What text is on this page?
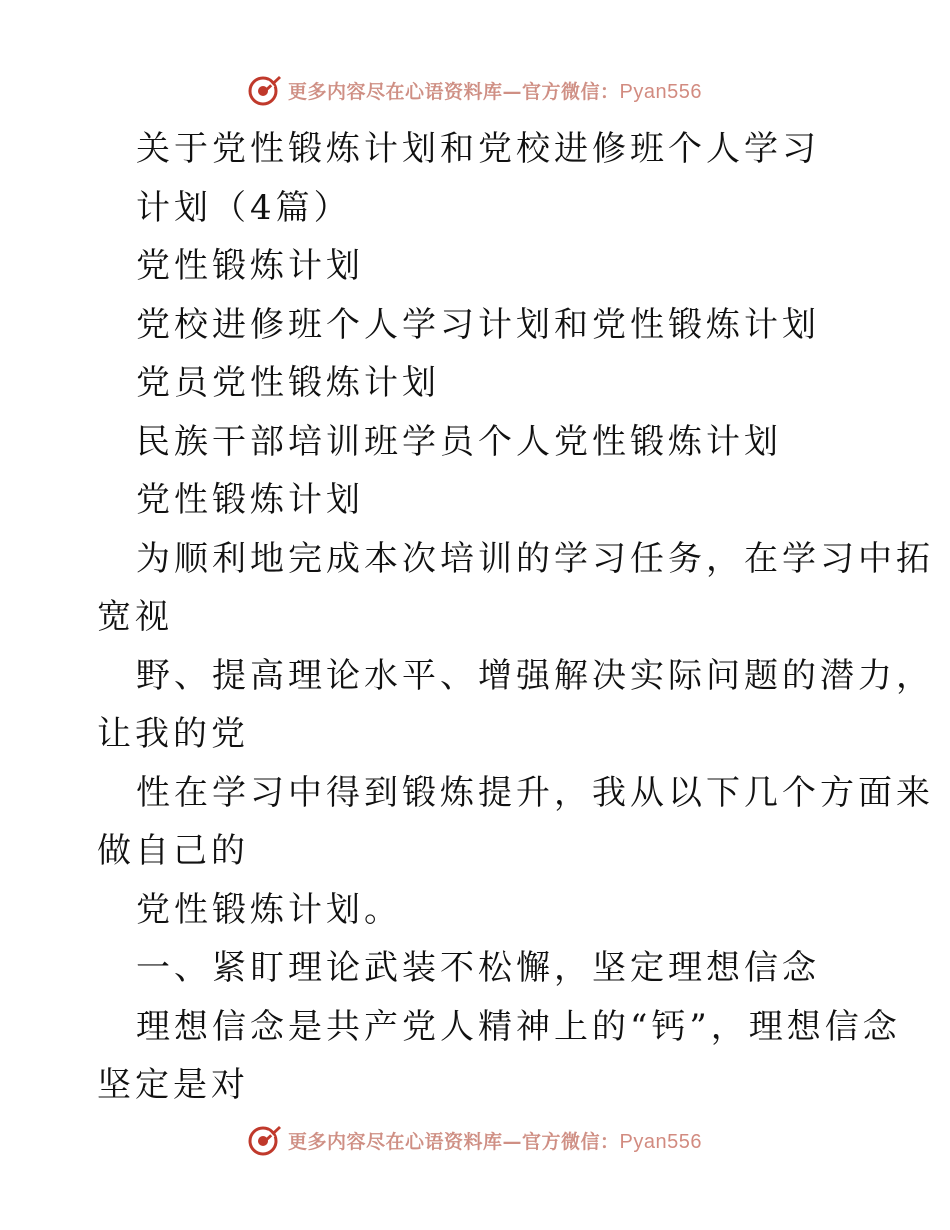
更多内容尽在心语资料库—官方微信：Pyan556
关于党性锻炼计划和党校进修班个人学习
计划（4篇）
党性锻炼计划
党校进修班个人学习计划和党性锻炼计划
党员党性锻炼计划
民族干部培训班学员个人党性锻炼计划
党性锻炼计划
为顺利地完成本次培训的学习任务，在学习中拓
宽视
野、提高理论水平、增强解决实际问题的潜力，
让我的党
性在学习中得到锻炼提升，我从以下几个方面来
做自己的
党性锻炼计划。
一、紧盯理论武装不松懈，坚定理想信念
理想信念是共产党人精神上的“钙”，理想信念
坚定是对
更多内容尽在心语资料库—官方微信：Pyan556
